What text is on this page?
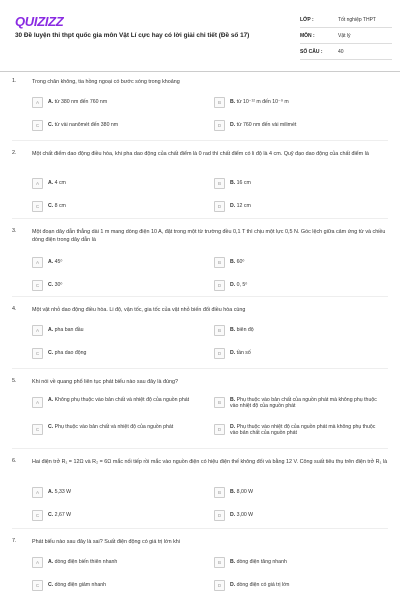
QUIZIZZ
30 Đề luyện thi thpt quốc gia môn Vật Lí cực hay có lời giải chi tiết (Đề số 17)
LỚP :	Tốt nghiệp THPT
MÔN :	Vật lý
SỐ CÂU :	40
1.	Trong chân không, tia hồng ngoại có bước sóng trong khoảng
A	A. từ 380 nm đến 760 nm	B	B. từ 10⁻¹² m đến 10⁻⁹ m
C	C. từ vài nanômét đến 380 nm	D	D. từ 760 nm đến vài milimét
2.	Một chất điểm dao động điều hòa, khi pha dao động của chất điểm là 0 rad thì chất điểm có li độ là 4 cm. Quỹ đạo dao động của chất điểm là
A	A. 4 cm	B	B. 16 cm
C	C. 8 cm	D	D. 12 cm
3.	Một đoạn dây dẫn thẳng dài 1 m mang dòng điện 10 A, đặt trong một từ trường đều 0,1 T thì chịu một lực 0,5 N. Góc lệch giữa cảm ứng từ và chiều dòng điện trong dây dẫn là
A	A. 45⁰	B	B. 60⁰
C	C. 30⁰	D	D. 0, 5⁰
4.	Một vật nhỏ dao động điều hòa. Li độ, vận tốc, gia tốc của vật nhỏ biến đổi điều hòa cùng
A	A. pha ban đầu	B	B. biên độ
C	C. pha dao động	D	D. tần số
5.	Khi nói về quang phổ liên tục phát biểu nào sau đây là đúng?
A	A. Không phụ thuộc vào bản chất và nhiệt độ của nguồn phát	B	B. Phụ thuộc vào bản chất của nguồn phát mà không phụ thuộc vào nhiệt độ của nguồn phát
C	C. Phụ thuộc vào bản chất và nhiệt độ của nguồn phát	D	D. Phụ thuộc vào nhiệt độ của nguồn phát mà không phụ thuộc vào bản chất của nguồn phát
6.	Hai điện trở R₁ = 12Ω và R₂ = 6Ω mắc nối tiếp rồi mắc vào nguồn điện có hiệu điện thế không đổi và bằng 12 V. Công suất tiêu thụ trên điện trở R₁ là
A	A. 5,33 W	B	B. 8,00 W
C	C. 2,67 W	D	D. 3,00 W
7.	Phát biểu nào sau đây là sai? Suất điện động có giá trị lớn khi
A	A. dòng điện biến thiên nhanh	B	B. dòng điện tăng nhanh
C	C. dòng điện giảm nhanh	D	D. dòng điện có giá trị lớn
